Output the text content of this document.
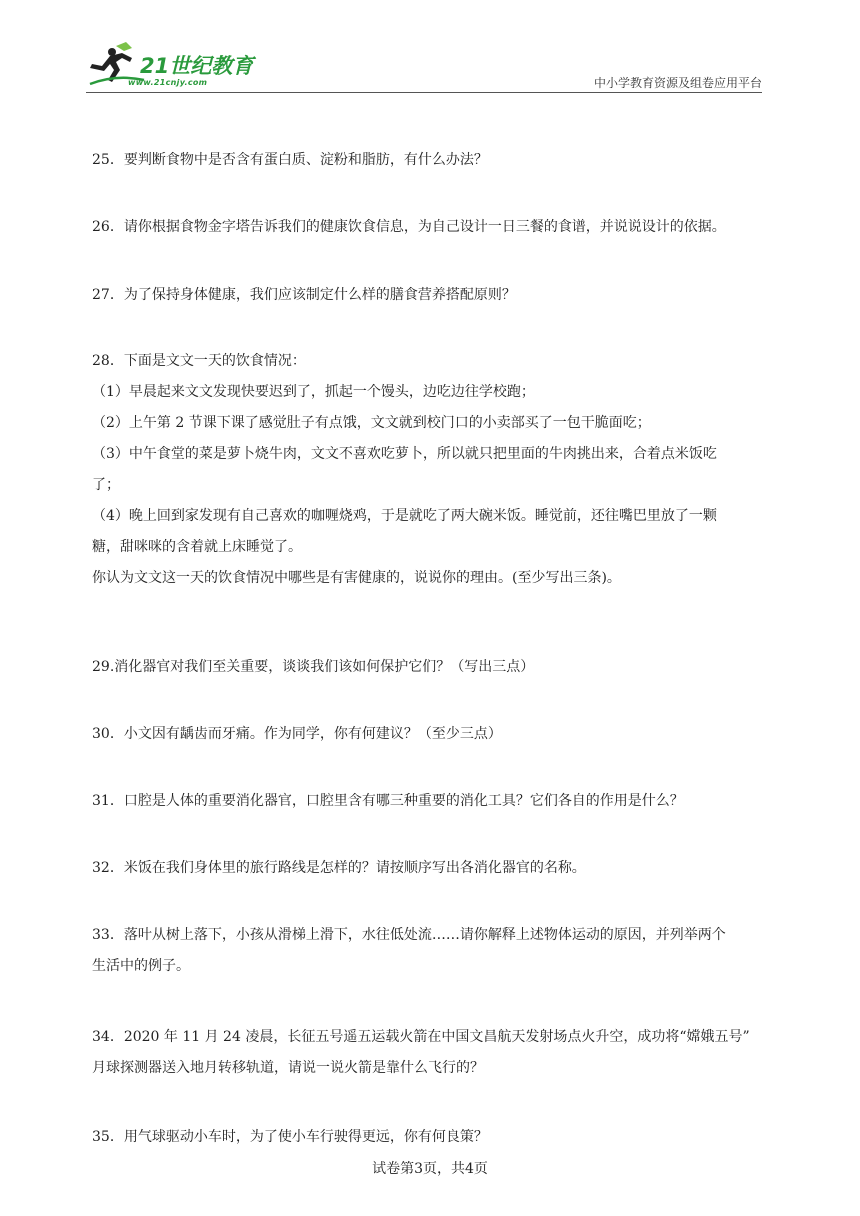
21世纪教育
www.21cnjy.com	中小学教育资源及组卷应用平台

25．要判断食物中是否含有蛋白质、淀粉和脂肪，有什么办法？

26．请你根据食物金字塔告诉我们的健康饮食信息，为自己设计一日三餐的食谱，并说说设计的依据。

27．为了保持身体健康，我们应该制定什么样的膳食营养搭配原则？

28．下面是文文一天的饮食情况：

（1）早晨起来文文发现快要迟到了，抓起一个馒头，边吃边往学校跑；

（2）上午第 2 节课下课了感觉肚子有点饿，文文就到校门口的小卖部买了一包干脆面吃；

（3）中午食堂的菜是萝卜烧牛肉，文文不喜欢吃萝卜，所以就只把里面的牛肉挑出来，合着点米饭吃

了；

（4）晚上回到家发现有自己喜欢的咖喱烧鸡，于是就吃了两大碗米饭。睡觉前，还往嘴巴里放了一颗

糖，甜咪咪的含着就上床睡觉了。

你认为文文这一天的饮食情况中哪些是有害健康的，说说你的理由。(至少写出三条)。

29.消化器官对我们至关重要，谈谈我们该如何保护它们？（写出三点）

30．小文因有龋齿而牙痛。作为同学，你有何建议？（至少三点）

31．口腔是人体的重要消化器官，口腔里含有哪三种重要的消化工具？它们各自的作用是什么？

32．米饭在我们身体里的旅行路线是怎样的？请按顺序写出各消化器官的名称。

33．落叶从树上落下，小孩从滑梯上滑下，水往低处流……请你解释上述物体运动的原因，并列举两个

生活中的例子。

34．2020 年 11 月 24 凌晨，长征五号遥五运载火箭在中国文昌航天发射场点火升空，成功将“嫦娥五号”

月球探测器送入地月转移轨道，请说一说火箭是靠什么飞行的？

35．用气球驱动小车时，为了使小车行驶得更远，你有何良策？

试卷第3页，共4页
